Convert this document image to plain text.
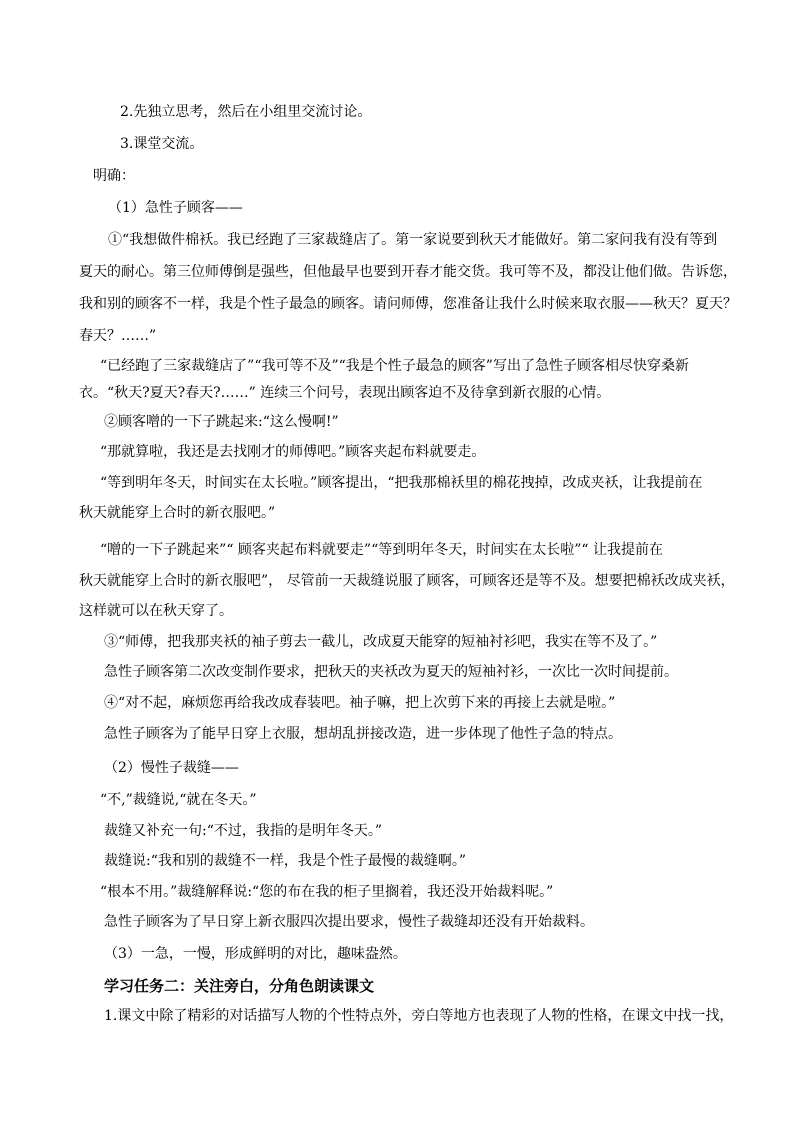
2.先独立思考，然后在小组里交流讨论。
3.课堂交流。
明确：
（1）急性子顾客——
①“我想做件棉袄。我已经跑了三家裁缝店了。第一家说要到秋天才能做好。第二家问我有没有等到
夏天的耐心。第三位师傅倒是强些，但他最早也要到开春才能交货。我可等不及，都没让他们做。告诉您，
我和别的顾客不一样，我是个性子最急的顾客。请问师傅，您准备让我什么时候来取衣服——秋天？夏天？
春天？……”
“已经跑了三家裁缝店了”“我可等不及”“我是个性子最急的顾客”写出了急性子顾客相尽快穿桑新
衣。“秋天?夏天?春天?……” 连续三个问号，表现出顾客迫不及待拿到新衣服的心情。
②顾客噌的一下子跳起来:“这么慢啊!”
“那就算啦，我还是去找刚才的师傅吧。”顾客夹起布料就要走。
“等到明年冬天，时间实在太长啦。”顾客提出，“把我那棉袄里的棉花拽掉，改成夹袄，让我提前在
秋天就能穿上合时的新衣服吧。”
“噌的一下子跳起来”“ 顾客夹起布料就要走”“等到明年冬天，时间实在太长啦”“ 让我提前在
秋天就能穿上合时的新衣服吧”， 尽管前一天裁缝说服了顾客，可顾客还是等不及。想要把棉袄改成夹袄，
这样就可以在秋天穿了。
③“师傅，把我那夹袄的袖子剪去一截儿，改成夏天能穿的短袖衬衫吧，我实在等不及了。”
急性子顾客第二次改变制作要求，把秋天的夹袄改为夏天的短袖衬衫，一次比一次时间提前。
④“对不起，麻烦您再给我改成春装吧。袖子嘛，把上次剪下来的再接上去就是啦。”
急性子顾客为了能早日穿上衣服，想胡乱拼接改造，进一步体现了他性子急的特点。
（2）慢性子裁缝——
“不,”裁缝说,“就在冬天。”
裁缝又补充一句:“不过，我指的是明年冬天。”
裁缝说:“我和别的裁缝不一样，我是个性子最慢的裁缝啊。”
“根本不用。”裁缝解释说:“您的布在我的柜子里搁着，我还没开始裁料呢。”
急性子顾客为了早日穿上新衣服四次提出要求，慢性子裁缝却还没有开始裁料。
（3）一急，一慢，形成鲜明的对比，趣味盎然。
学习任务二：关注旁白，分角色朗读课文
1.课文中除了精彩的对话描写人物的个性特点外，旁白等地方也表现了人物的性格，在课文中找一找，
